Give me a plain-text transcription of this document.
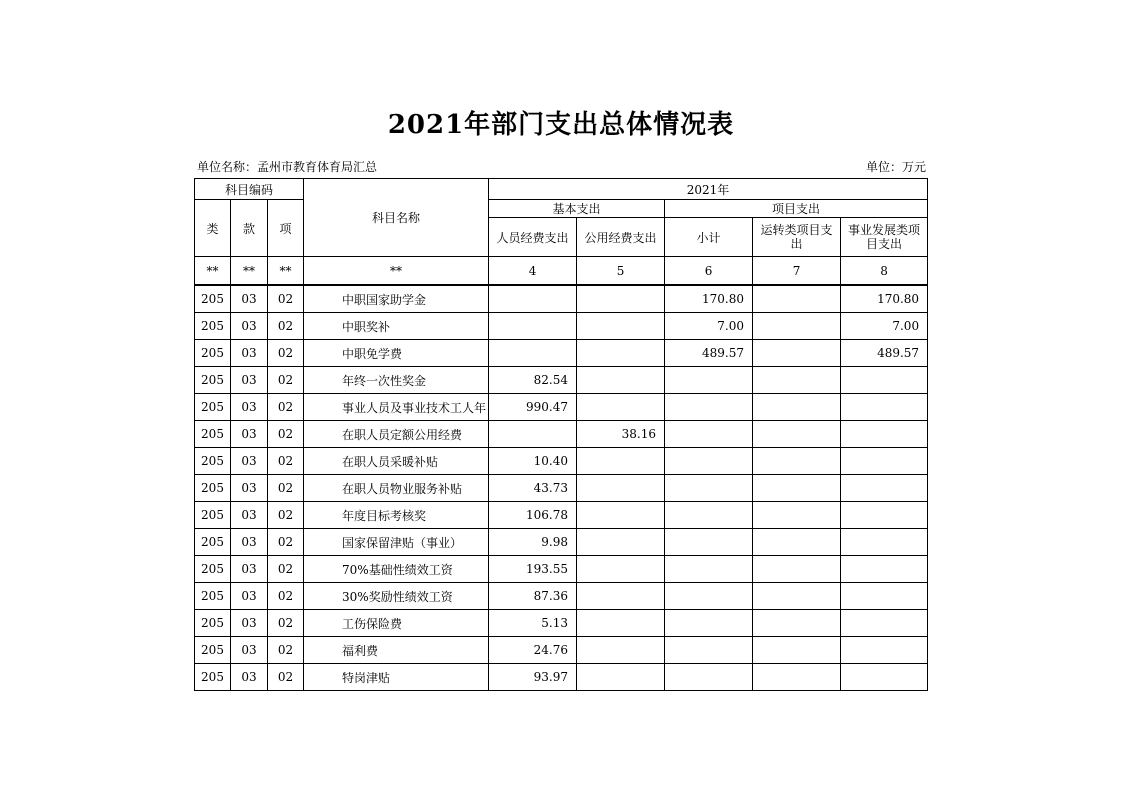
2021年部门支出总体情况表
单位名称：孟州市教育体育局汇总	单位：万元
科目编码			科目名称	2021年				
类	款	项		基本支出		项目支出		
				人员经费支出	公用经费支出	小计	运转类项目支出	事业发展类项目支出
**	**	**	**	4	5	6	7	8
205	03	02	中职国家助学金			170.80		170.80
205	03	02	中职奖补			7.00		7.00
205	03	02	中职免学费			489.57		489.57
205	03	02	年终一次性奖金	82.54				
205	03	02	事业人员及事业技术工人年	990.47				
205	03	02	在职人员定额公用经费		38.16			
205	03	02	在职人员采暖补贴	10.40				
205	03	02	在职人员物业服务补贴	43.73				
205	03	02	年度目标考核奖	106.78				
205	03	02	国家保留津贴（事业）	9.98				
205	03	02	70%基础性绩效工资	193.55				
205	03	02	30%奖励性绩效工资	87.36				
205	03	02	工伤保险费	5.13				
205	03	02	福利费	24.76				
205	03	02	特岗津贴	93.97				
